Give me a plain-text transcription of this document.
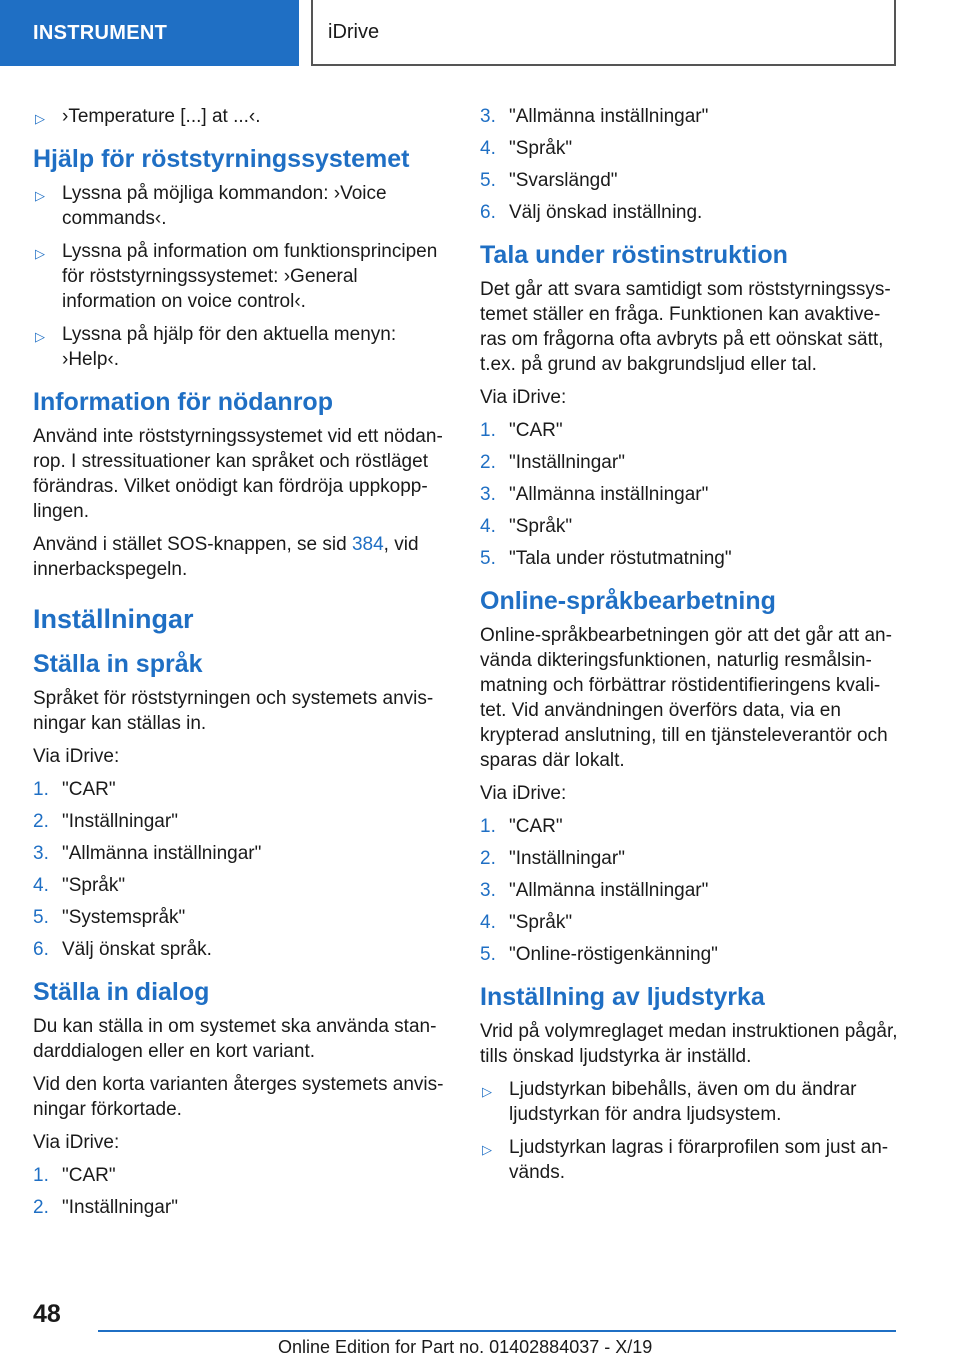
INSTRUMENT	iDrive
▷ ›Temperature [...] at ...‹.
Hjälp för röststyrningssystemet
▷ Lyssna på möjliga kommandon: ›Voice commands‹.
▷ Lyssna på information om funktionsprincipen för röststyrningssystemet: ›General information on voice control‹.
▷ Lyssna på hjälp för den aktuella menyn: ›Help‹.
Information för nödanrop

Använd inte röststyrningssystemet vid ett nödanrop. I stressituationer kan språket och röstläget förändras. Vilket onödigt kan fördröja uppkopplingen.

Använd i stället SOS-knappen, se sid 384, vid innerbackspegeln.

Inställningar
Ställa in språk

Språket för röststyrningen och systemets anvisningar kan ställas in.

Via iDrive:

1. "CAR"
2. "Inställningar"
3. "Allmänna inställningar"
4. "Språk"
5. "Systemspråk"
6. Välj önskat språk.
Ställa in dialog

Du kan ställa in om systemet ska använda standarddialogen eller en kort variant.

Vid den korta varianten återges systemets anvisningar förkortade.

Via iDrive:

1. "CAR"
2. "Inställningar"
3. "Allmänna inställningar"
4. "Språk"
5. "Svarslängd"
6. Välj önskad inställning.
Tala under röstinstruktion

Det går att svara samtidigt som röststyrningssystemet ställer en fråga. Funktionen kan avaktiveras om frågorna ofta avbryts på ett oönskat sätt, t.ex. på grund av bakgrundsljud eller tal.

Via iDrive:

1. "CAR"
2. "Inställningar"
3. "Allmänna inställningar"
4. "Språk"
5. "Tala under röstutmatning"
Online-språkbearbetning

Online-språkbearbetningen gör att det går att använda dikteringsfunktionen, naturlig resmålsinmatning och förbättrar röstidentifieringens kvalitet. Vid användningen överförs data, via en krypterad anslutning, till en tjänsteleverantör och sparas där lokalt.

Via iDrive:

1. "CAR"
2. "Inställningar"
3. "Allmänna inställningar"
4. "Språk"
5. "Online-röstigenkänning"
Inställning av ljudstyrka

Vrid på volymreglaget medan instruktionen pågår, tills önskad ljudstyrka är inställd.

▷ Ljudstyrkan bibehålls, även om du ändrar ljudstyrkan för andra ljudsystem.
▷ Ljudstyrkan lagras i förarprofilen som just används.
48
Online Edition for Part no. 01402884037 - X/19
